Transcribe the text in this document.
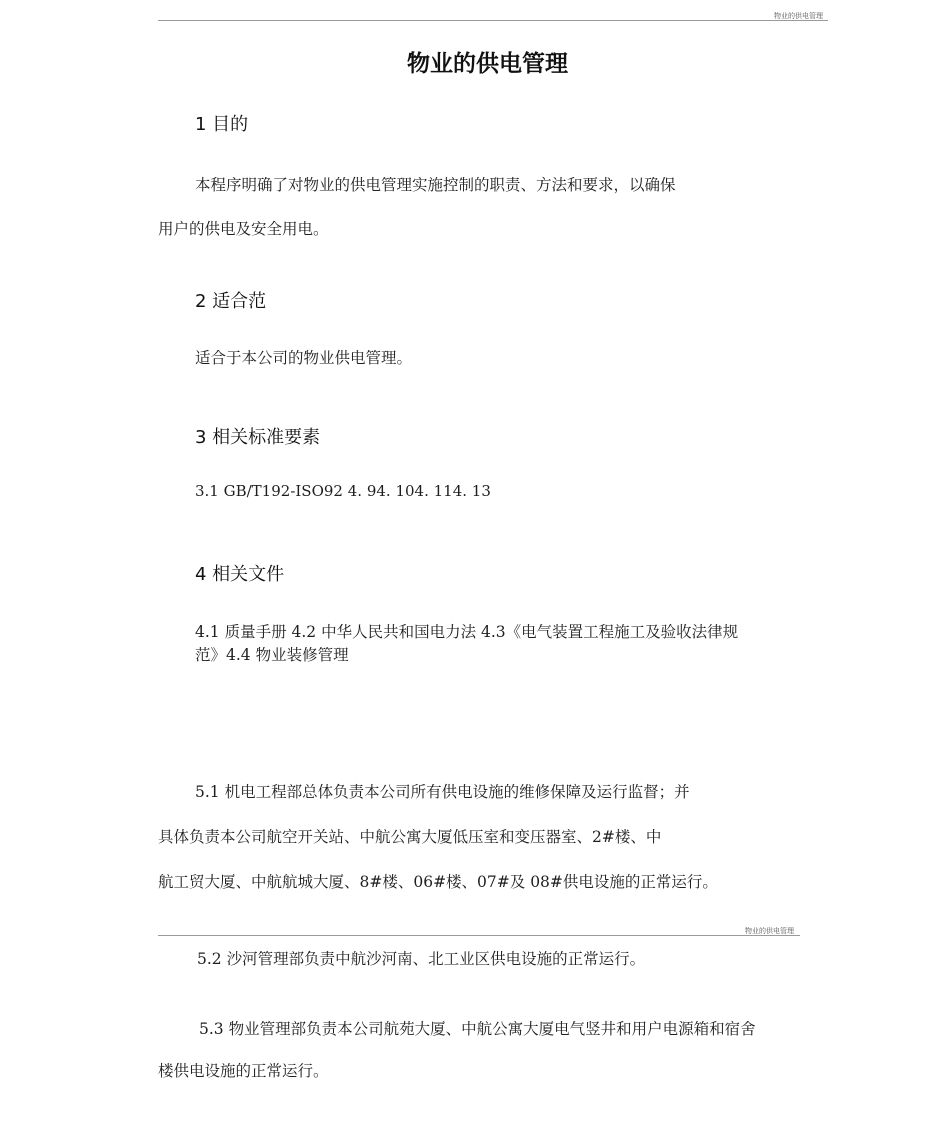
物业的供电管理
物业的供电管理
1 目的
本程序明确了对物业的供电管理实施控制的职责、方法和要求，以确保
用户的供电及安全用电。
2 适合范
适合于本公司的物业供电管理。
3 相关标准要素
3.1 GB/T192-ISO92 4. 94. 104. 114. 13
4 相关文件
4.1 质量手册 4.2 中华人民共和国电力法 4.3《电气装置工程施工及验收法律规
范》4.4 物业装修管理
5.1 机电工程部总体负责本公司所有供电设施的维修保障及运行监督；并
具体负责本公司航空开关站、中航公寓大厦低压室和变压器室、2#楼、中
航工贸大厦、中航航城大厦、8#楼、06#楼、07#及 08#供电设施的正常运行。
物业的供电管理
5.2 沙河管理部负责中航沙河南、北工业区供电设施的正常运行。
5.3 物业管理部负责本公司航苑大厦、中航公寓大厦电气竖井和用户电源箱和宿舍
楼供电设施的正常运行。
